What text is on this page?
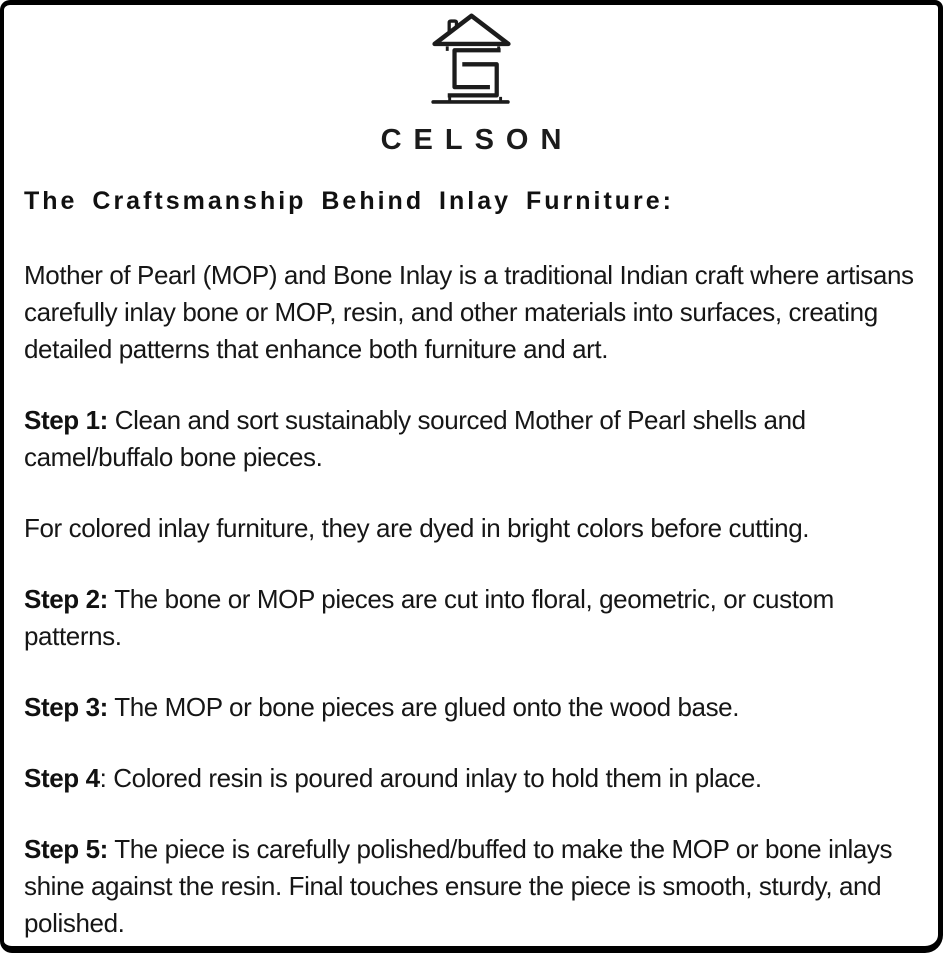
CELSON
The Craftsmanship Behind Inlay Furniture:

Mother of Pearl (MOP) and Bone Inlay is a traditional Indian craft where artisans carefully inlay bone or MOP, resin, and other materials into surfaces, creating detailed patterns that enhance both furniture and art.

Step 1: Clean and sort sustainably sourced Mother of Pearl shells and camel/buffalo bone pieces.

For colored inlay furniture, they are dyed in bright colors before cutting.

Step 2: The bone or MOP pieces are cut into floral, geometric, or custom patterns.

Step 3: The MOP or bone pieces are glued onto the wood base.

Step 4: Colored resin is poured around inlay to hold them in place.

Step 5: The piece is carefully polished/buffed to make the MOP or bone inlays shine against the resin. Final touches ensure the piece is smooth, sturdy, and polished.
